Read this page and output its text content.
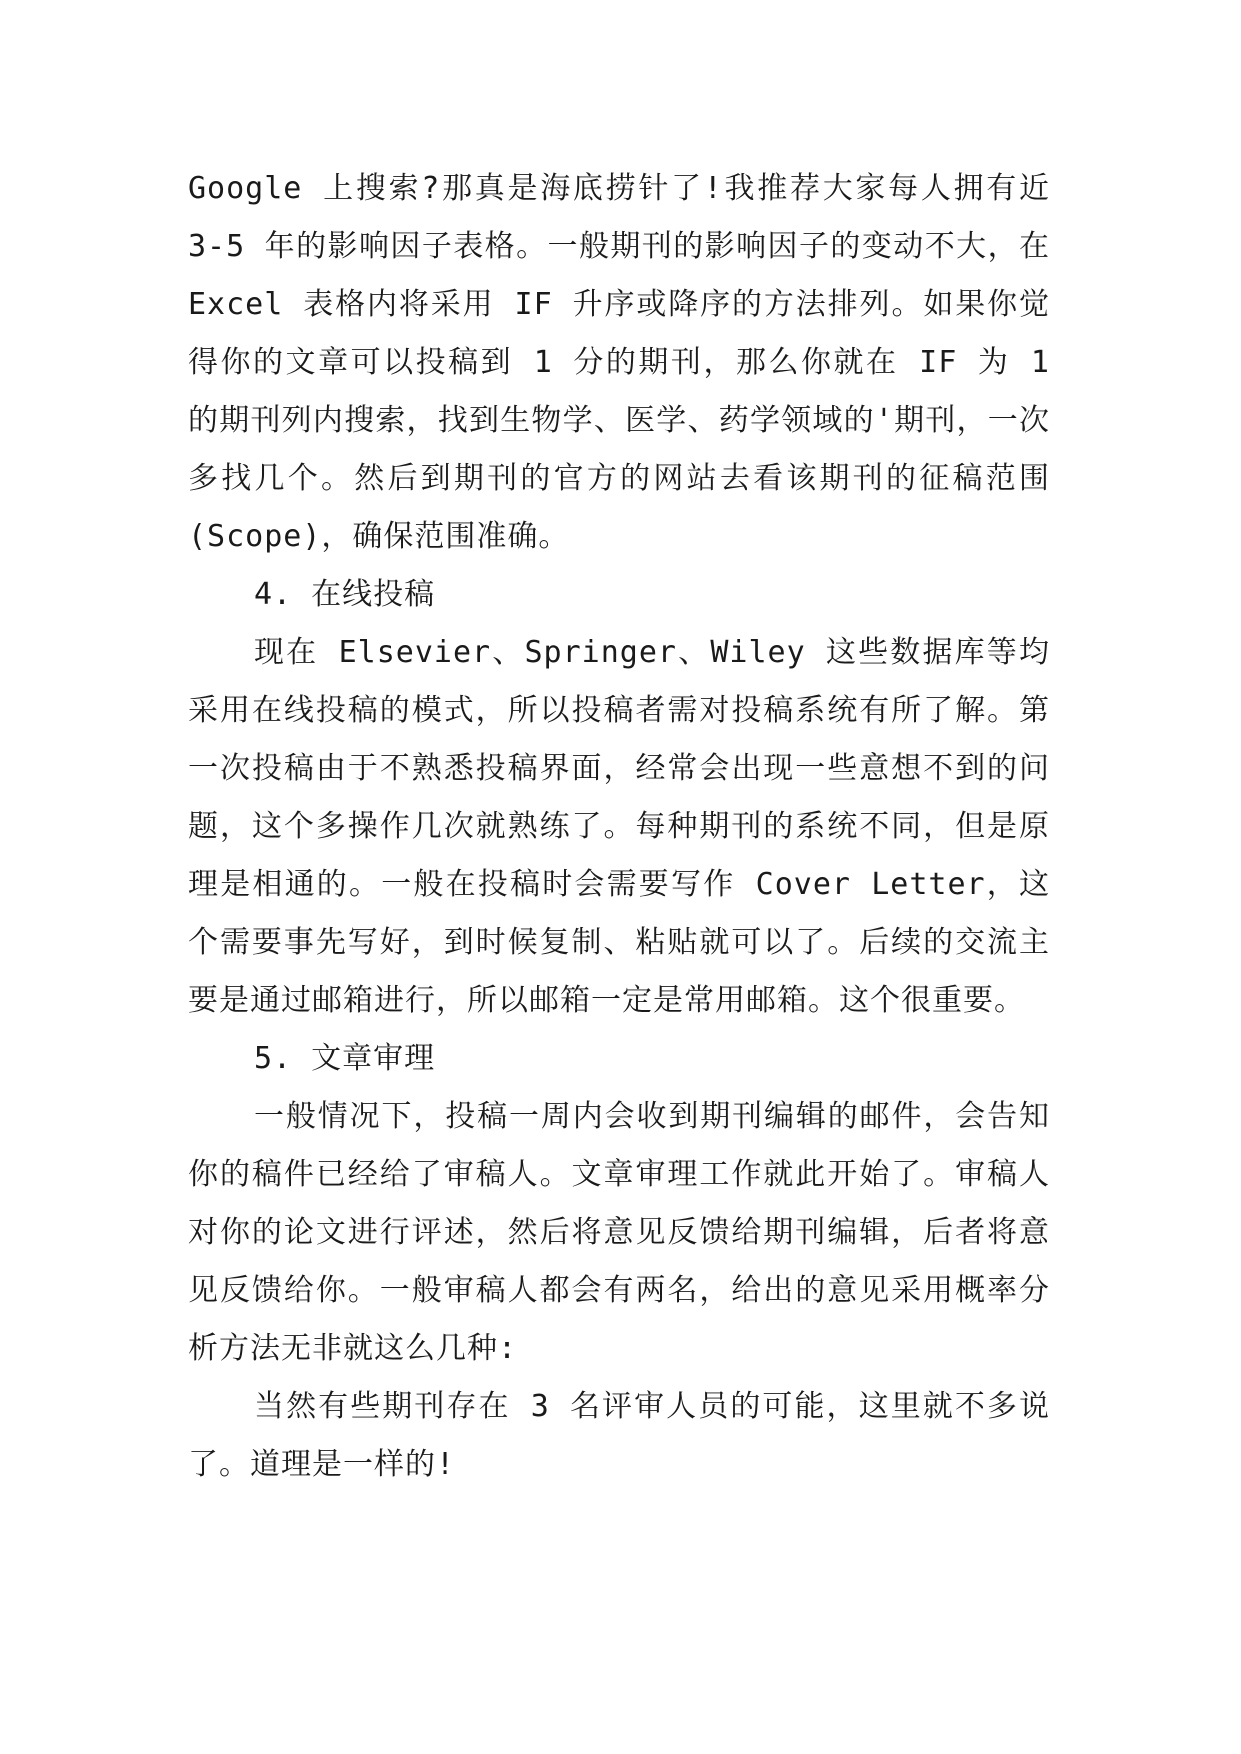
Google 上搜索?那真是海底捞针了!我推荐大家每人拥有近 3-5 年的影响因子表格。一般期刊的影响因子的变动不大，在 Excel 表格内将采用 IF 升序或降序的方法排列。如果你觉得你的文章可以投稿到 1 分的期刊，那么你就在 IF 为 1 的期刊列内搜索，找到生物学、医学、药学领域的'期刊，一次多找几个。然后到期刊的官方的网站去看该期刊的征稿范围(Scope)，确保范围准确。

4. 在线投稿

现在 Elsevier、Springer、Wiley 这些数据库等均采用在线投稿的模式，所以投稿者需对投稿系统有所了解。第一次投稿由于不熟悉投稿界面，经常会出现一些意想不到的问题，这个多操作几次就熟练了。每种期刊的系统不同，但是原理是相通的。一般在投稿时会需要写作 Cover Letter，这个需要事先写好，到时候复制、粘贴就可以了。后续的交流主要是通过邮箱进行，所以邮箱一定是常用邮箱。这个很重要。

5. 文章审理

一般情况下，投稿一周内会收到期刊编辑的邮件，会告知你的稿件已经给了审稿人。文章审理工作就此开始了。审稿人对你的论文进行评述，然后将意见反馈给期刊编辑，后者将意见反馈给你。一般审稿人都会有两名，给出的意见采用概率分析方法无非就这么几种:

当然有些期刊存在 3 名评审人员的可能，这里就不多说了。道理是一样的!
